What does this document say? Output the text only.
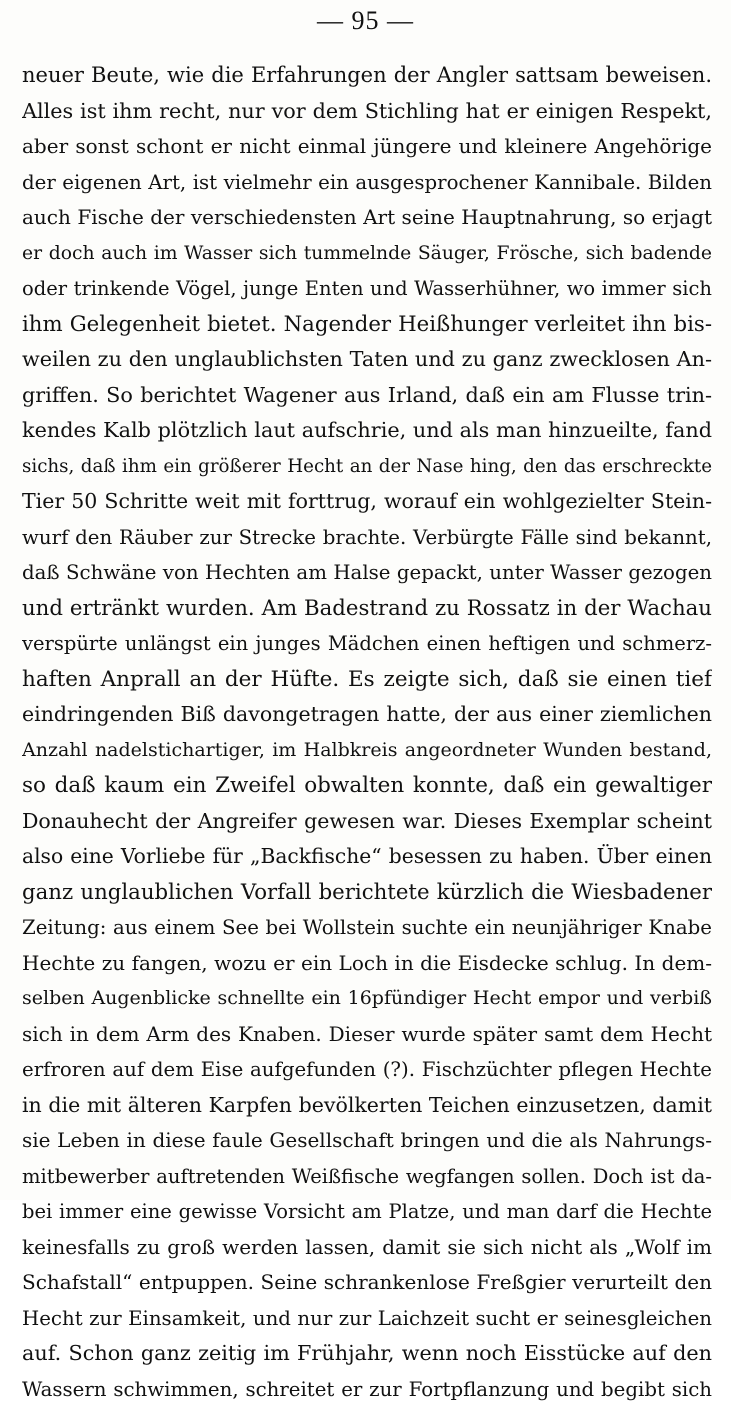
— 95 —
neuer Beute, wie die Erfahrungen der Angler sattsam beweisen.
Alles ist ihm recht, nur vor dem Stichling hat er einigen Respekt,
aber sonst schont er nicht einmal jüngere und kleinere Angehörige
der eigenen Art, ist vielmehr ein ausgesprochener Kannibale. Bilden
auch Fische der verschiedensten Art seine Hauptnahrung, so erjagt
er doch auch im Wasser sich tummelnde Säuger, Frösche, sich badende
oder trinkende Vögel, junge Enten und Wasserhühner, wo immer sich
ihm Gelegenheit bietet. Nagender Heißhunger verleitet ihn bis-
weilen zu den unglaublichsten Taten und zu ganz zwecklosen An-
griffen. So berichtet Wagener aus Irland, daß ein am Flusse trin-
kendes Kalb plötzlich laut aufschrie, und als man hinzueilte, fand
sichs, daß ihm ein größerer Hecht an der Nase hing, den das erschreckte
Tier 50 Schritte weit mit forttrug, worauf ein wohlgezielter Stein-
wurf den Räuber zur Strecke brachte. Verbürgte Fälle sind bekannt,
daß Schwäne von Hechten am Halse gepackt, unter Wasser gezogen
und ertränkt wurden. Am Badestrand zu Rossatz in der Wachau
verspürte unlängst ein junges Mädchen einen heftigen und schmerz-
haften Anprall an der Hüfte. Es zeigte sich, daß sie einen tief
eindringenden Biß davongetragen hatte, der aus einer ziemlichen
Anzahl nadelstichartiger, im Halbkreis angeordneter Wunden bestand,
so daß kaum ein Zweifel obwalten konnte, daß ein gewaltiger
Donauhecht der Angreifer gewesen war. Dieses Exemplar scheint
also eine Vorliebe für „Backfische“ besessen zu haben. Über einen
ganz unglaublichen Vorfall berichtete kürzlich die Wiesbadener
Zeitung: aus einem See bei Wollstein suchte ein neunjähriger Knabe
Hechte zu fangen, wozu er ein Loch in die Eisdecke schlug. In dem-
selben Augenblicke schnellte ein 16pfündiger Hecht empor und verbiß
sich in dem Arm des Knaben. Dieser wurde später samt dem Hecht
erfroren auf dem Eise aufgefunden (?). Fischzüchter pflegen Hechte
in die mit älteren Karpfen bevölkerten Teichen einzusetzen, damit
sie Leben in diese faule Gesellschaft bringen und die als Nahrungs-
mitbewerber auftretenden Weißfische wegfangen sollen. Doch ist da-
bei immer eine gewisse Vorsicht am Platze, und man darf die Hechte
keinesfalls zu groß werden lassen, damit sie sich nicht als „Wolf im
Schafstall“ entpuppen. Seine schrankenlose Freßgier verurteilt den
Hecht zur Einsamkeit, und nur zur Laichzeit sucht er seinesgleichen
auf. Schon ganz zeitig im Frühjahr, wenn noch Eisstücke auf den
Wassern schwimmen, schreitet er zur Fortpflanzung und begibt sich
